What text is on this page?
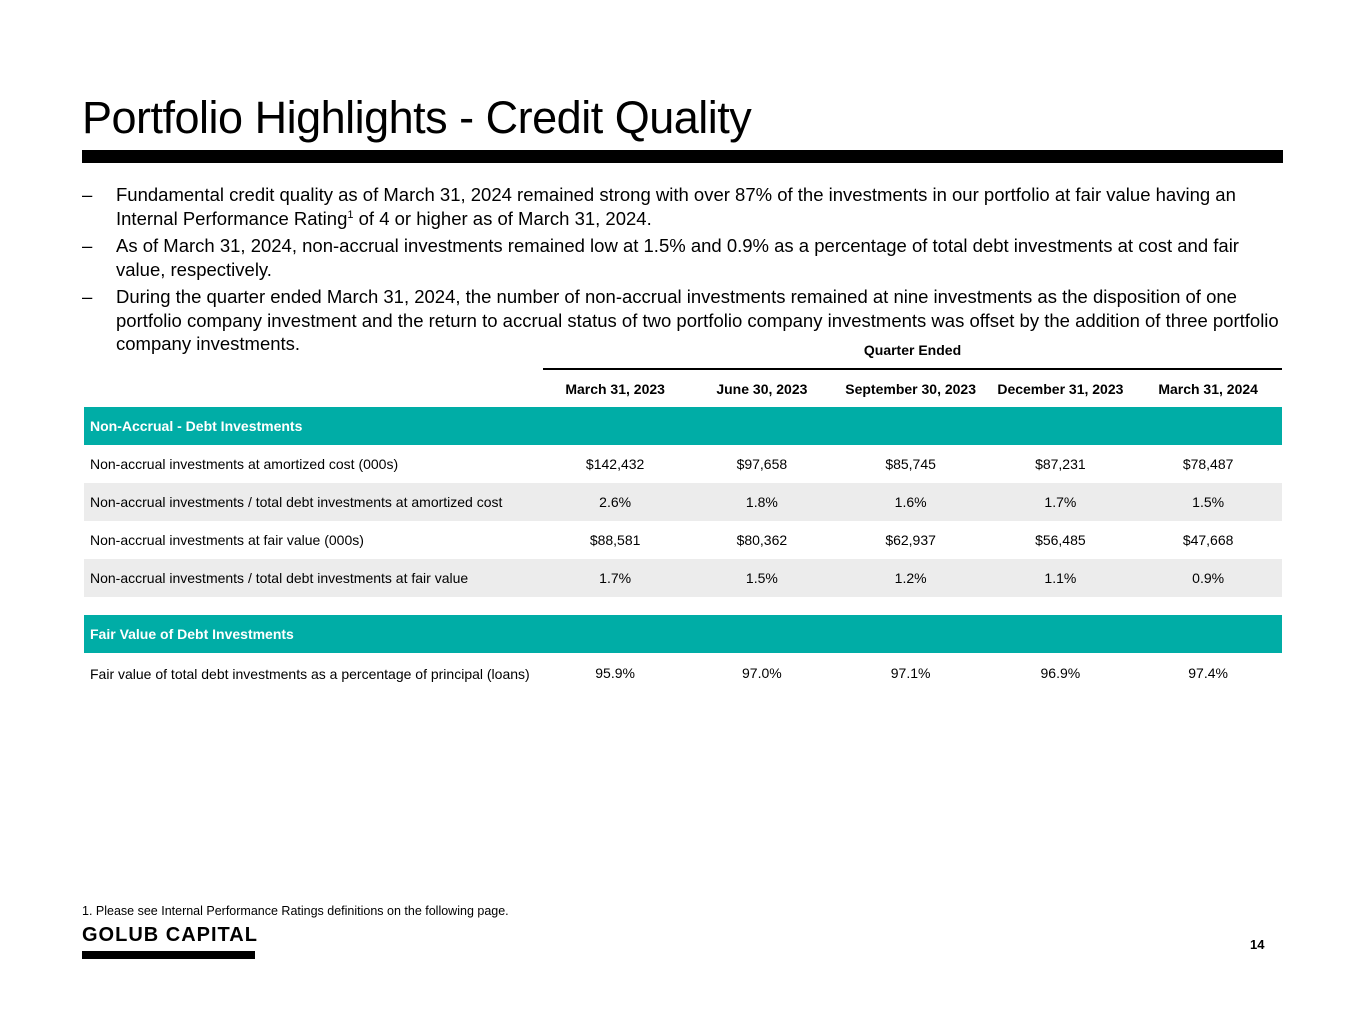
Portfolio Highlights - Credit Quality
– Fundamental credit quality as of March 31, 2024 remained strong with over 87% of the investments in our portfolio at fair value having an Internal Performance Rating$^1$ of 4 or higher as of March 31, 2024.
– As of March 31, 2024, non-accrual investments remained low at 1.5% and 0.9% as a percentage of total debt investments at cost and fair value, respectively.
– During the quarter ended March 31, 2024, the number of non-accrual investments remained at nine investments as the disposition of one portfolio company investment and the return to accrual status of two portfolio company investments was offset by the addition of three portfolio company investments.	Quarter Ended
March 31, 2023	June 30, 2023	September 30, 2023	December 31, 2023	March 31, 2024
Non-Accrual - Debt Investments
Non-accrual investments at amortized cost (000s)	$142,432	$97,658	$85,745	$87,231	$78,487
Non-accrual investments / total debt investments at amortized cost	2.6%	1.8%	1.6%	1.7%	1.5%
Non-accrual investments at fair value (000s)	$88,581	$80,362	$62,937	$56,485	$47,668
Non-accrual investments / total debt investments at fair value	1.7%	1.5%	1.2%	1.1%	0.9%
Fair Value of Debt Investments
Fair value of total debt investments as a percentage of principal (loans)	95.9%	97.0%	97.1%	96.9%	97.4%
1. Please see Internal Performance Ratings definitions on the following page.
GOLUB CAPITAL	14
